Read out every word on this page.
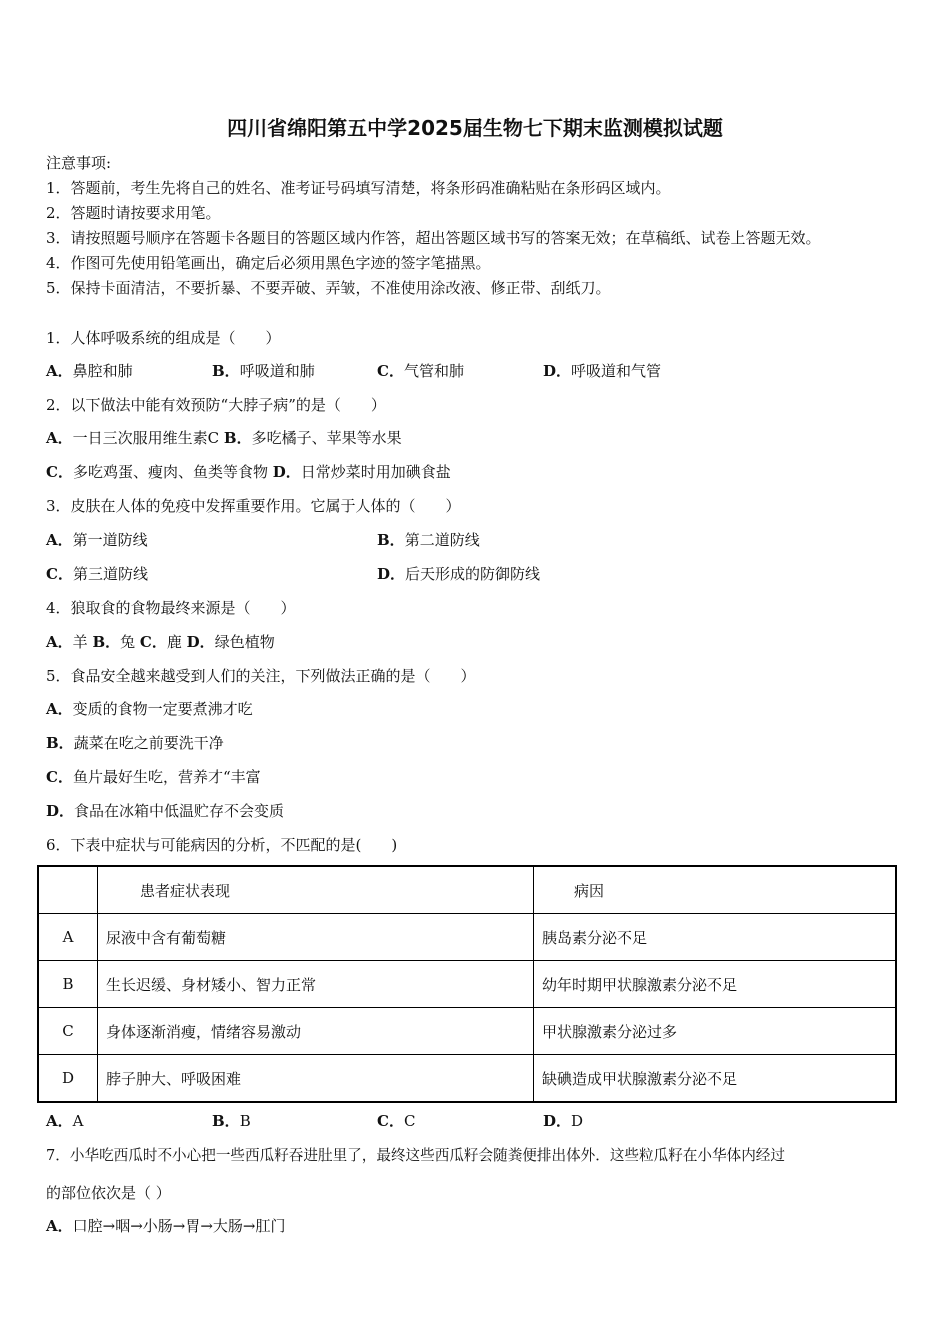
四川省绵阳第五中学2025届生物七下期末监测模拟试题
注意事项:
1．答题前，考生先将自己的姓名、准考证号码填写清楚，将条形码准确粘贴在条形码区域内。
2．答题时请按要求用笔。
3．请按照题号顺序在答题卡各题目的答题区域内作答，超出答题区域书写的答案无效；在草稿纸、试卷上答题无效。
4．作图可先使用铅笔画出，确定后必须用黑色字迹的签字笔描黑。
5．保持卡面清洁，不要折暴、不要弄破、弄皱，不准使用涂改液、修正带、刮纸刀。
1．人体呼吸系统的组成是（　　）
A．鼻腔和肺	B．呼吸道和肺	C．气管和肺	D．呼吸道和气管
2．以下做法中能有效预防“大脖子病”的是（　　）
A．一日三次服用维生素C B．多吃橘子、苹果等水果
C．多吃鸡蛋、瘦肉、鱼类等食物 D．日常炒菜时用加碘食盐
3．皮肤在人体的免疫中发挥重要作用。它属于人体的（　　）
A．第一道防线	B．第二道防线
C．第三道防线	D．后天形成的防御防线
4．狼取食的食物最终来源是（　　）
A．羊 B．兔 C．鹿 D．绿色植物
5．食品安全越来越受到人们的关注，下列做法正确的是（　　）
A．变质的食物一定要煮沸才吃
B．蔬菜在吃之前要洗干净
C．鱼片最好生吃，营养才“丰富
D．食品在冰箱中低温贮存不会变质
6．下表中症状与可能病因的分析，不匹配的是(　　)
	患者症状表现	病因
A	尿液中含有葡萄糖	胰岛素分泌不足
B	生长迟缓、身材矮小、智力正常	幼年时期甲状腺激素分泌不足
C	身体逐渐消瘦，情绪容易激动	甲状腺激素分泌过多
D	脖子肿大、呼吸困难	缺碘造成甲状腺激素分泌不足
A．A	B．B	C．C	D．D
7．小华吃西瓜时不小心把一些西瓜籽吞进肚里了，最终这些西瓜籽会随粪便排出体外．这些粒瓜籽在小华体内经过
的部位依次是（ ）
A．口腔→咽→小肠→胃→大肠→肛门
